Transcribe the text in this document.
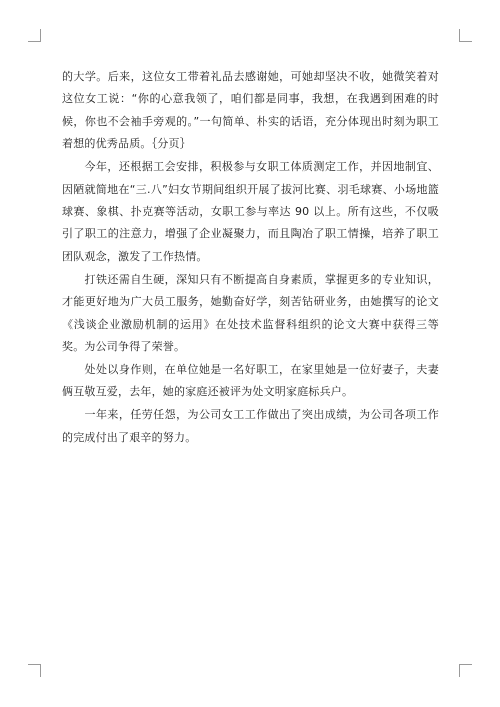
的大学。后来，这位女工带着礼品去感谢她，可她却坚决不收，她微笑着对这位女工说：“你的心意我领了，咱们都是同事，我想，在我遇到困难的时候，你也不会袖手旁观的。”一句简单、朴实的话语，充分体现出时刻为职工着想的优秀品质。｛分页｝

今年，还根据工会安排，积极参与女职工体质测定工作，并因地制宜、因陋就简地在“三.八”妇女节期间组织开展了拔河比赛、羽毛球赛、小场地篮球赛、象棋、扑克赛等活动，女职工参与率达 90 以上。所有这些，不仅吸引了职工的注意力，增强了企业凝聚力，而且陶冶了职工情操，培养了职工团队观念，激发了工作热情。

打铁还需自生硬，深知只有不断提高自身素质，掌握更多的专业知识，才能更好地为广大员工服务，她勤奋好学，刻苦钻研业务，由她撰写的论文《浅谈企业激励机制的运用》在处技术监督科组织的论文大赛中获得三等奖。为公司争得了荣誉。

处处以身作则，在单位她是一名好职工，在家里她是一位好妻子，夫妻俩互敬互爱，去年，她的家庭还被评为处文明家庭标兵户。

一年来，任劳任怨，为公司女工工作做出了突出成绩，为公司各项工作的完成付出了艰辛的努力。
